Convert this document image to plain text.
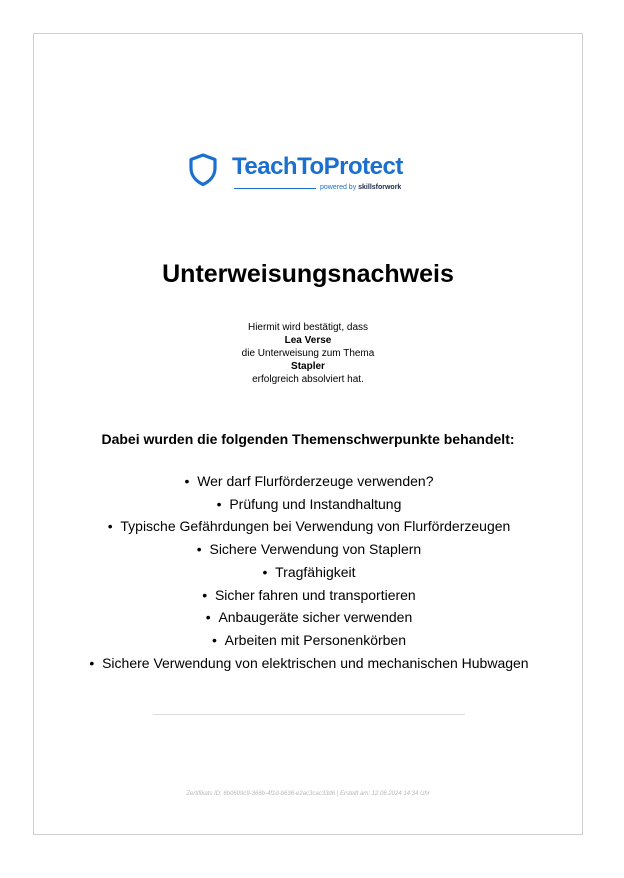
TeachToProtect
powered by skillsforwork
Unterweisungsnachweis
Hiermit wird bestätigt, dass
Lea Verse
die Unterweisung zum Thema
Stapler
erfolgreich absolviert hat.
Dabei wurden die folgenden Themenschwerpunkte behandelt:
•  Wer darf Flurförderzeuge verwenden?
•  Prüfung und Instandhaltung
•  Typische Gefährdungen bei Verwendung von Flurförderzeugen
•  Sichere Verwendung von Staplern
•  Tragfähigkeit
•  Sicher fahren und transportieren
•  Anbaugeräte sicher verwenden
•  Arbeiten mit Personenkörben
•  Sichere Verwendung von elektrischen und mechanischen Hubwagen
Zertifikats ID: 6b0609c9-366b-4f1d-b636-e2ac3cac33d6 | Erstellt am: 12.06.2024 14:34 Uhr
